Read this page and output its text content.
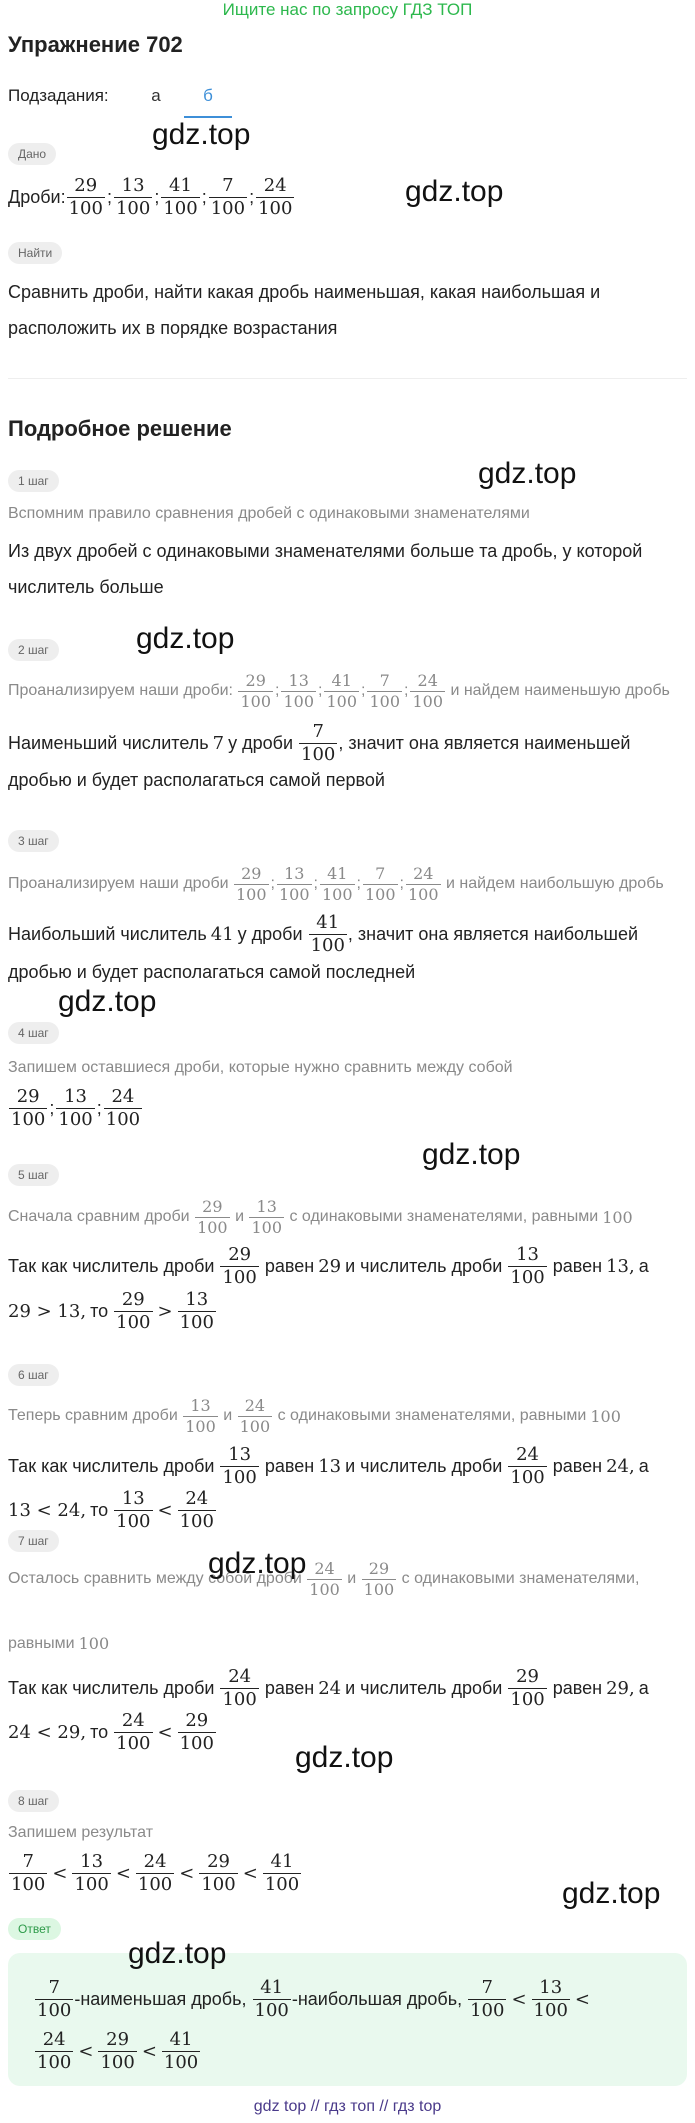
Ищите нас по запросу ГДЗ ТОП
Упражнение 702
Подзадания:	а	б
Дано
Дроби: $\frac{29}{100}$ ; $\frac{13}{100}$ ; $\frac{41}{100}$ ; $\frac{7}{100}$ ; $\frac{24}{100}$
Найти
Сравнить дроби, найти какая дробь наименьшая, какая наибольшая и
расположить их в порядке возрастания
Подробное решение
1 шаг
Вспомним правило сравнения дробей с одинаковыми знаменателями
Из двух дробей с одинаковыми знаменателями больше та дробь, у которой
числитель больше
2 шаг
Проанализируем наши дроби:
$\frac{29}{100}$ ; $\frac{13}{100}$ ; $\frac{41}{100}$ ; $\frac{7}{100}$ ; $\frac{24}{100}$
и найдем наименьшую дробь
Наименьший числитель 7 у дроби
$\frac{7}{100}$ , значит она является наименьшей
дробью и будет располагаться самой первой
3 шаг
Проанализируем наши дроби
$\frac{29}{100}$ ; $\frac{13}{100}$ ; $\frac{41}{100}$ ; $\frac{7}{100}$ ; $\frac{24}{100}$
и найдем наибольшую дробь
Наибольший числитель 41 у дроби
$\frac{41}{100}$ , значит она является наибольшей
дробью и будет располагаться самой последней
4 шаг
Запишем оставшиеся дроби, которые нужно сравнить между собой
$\frac{29}{100}$ ; $\frac{13}{100}$ ; $\frac{24}{100}$
5 шаг
Сначала сравним дроби
$\frac{29}{100}$
и
$\frac{13}{100}$
с одинаковыми знаменателями, равными 100
Так как числитель дроби
$\frac{29}{100}$
равен 29 и числитель дроби
$\frac{13}{100}$
равен 13, а
29 > 13, то
$\frac{29}{100} > \frac{13}{100}$
6 шаг
Теперь сравним дроби
$\frac{13}{100}$
и
$\frac{24}{100}$
с одинаковыми знаменателями, равными 100
Так как числитель дроби
$\frac{13}{100}$
равен 13 и числитель дроби
$\frac{24}{100}$
равен 24, а
13 < 24, то
$\frac{13}{100} < \frac{24}{100}$
7 шаг
Осталось сравнить между собой дроби
$\frac{24}{100}$
и
$\frac{29}{100}$
с одинаковыми знаменателями,
равными 100
Так как числитель дроби
$\frac{24}{100}$
равен 24 и числитель дроби
$\frac{29}{100}$
равен 29, а
24 < 29, то
$\frac{24}{100} < \frac{29}{100}$
8 шаг
Запишем результат
$\frac{7}{100} < \frac{13}{100} < \frac{24}{100} < \frac{29}{100} < \frac{41}{100}$
Ответ
$\frac{7}{100}$ -наименьшая дробь,
$\frac{41}{100}$ -наибольшая дробь,
$\frac{7}{100} < \frac{13}{100}$ <
$\frac{24}{100} < \frac{29}{100} < \frac{41}{100}$
gdz.top
gdz.top
gdz.top
gdz.top
gdz.top
gdz.top
gdz.top
gdz.top
gdz.top
gdz.top
gdz top // гдз топ // гдз top
